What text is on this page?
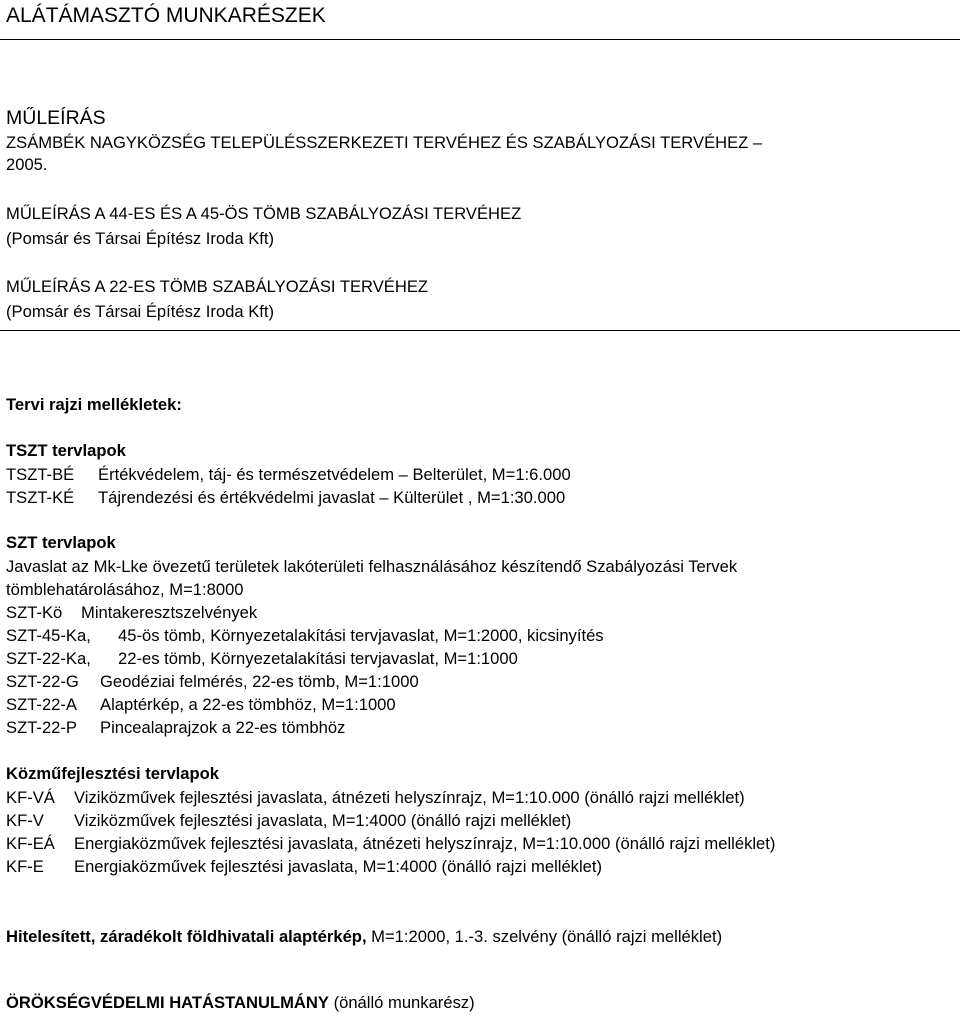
ALÁTÁMASZTÓ MUNKARÉSZEK
MŰLEÍRÁS
ZSÁMBÉK NAGYKÖZSÉG TELEPÜLÉSSZERKEZETI TERVÉHEZ ÉS SZABÁLYOZÁSI TERVÉHEZ –
2005.
MŰLEÍRÁS A 44-ES ÉS A 45-ÖS TÖMB SZABÁLYOZÁSI TERVÉHEZ
(Pomsár és Társai Építész Iroda Kft)
MŰLEÍRÁS A 22-ES TÖMB SZABÁLYOZÁSI TERVÉHEZ
(Pomsár és Társai Építész Iroda Kft)
Tervi rajzi mellékletek:
TSZT tervlapok
TSZT-BÉ Értékvédelem, táj- és természetvédelem – Belterület, M=1:6.000
TSZT-KÉ Tájrendezési és értékvédelmi javaslat – Külterület , M=1:30.000
SZT tervlapok
Javaslat az Mk-Lke övezetű területek lakóterületi felhasználásához készítendő Szabályozási Tervek
tömblehatárolásához, M=1:8000
SZT-Kö Mintakeresztszelvények
SZT-45-Ka, 45-ös tömb, Környezetalakítási tervjavaslat, M=1:2000, kicsinyítés
SZT-22-Ka, 22-es tömb, Környezetalakítási tervjavaslat, M=1:1000
SZT-22-G Geodéziai felmérés, 22-es tömb, M=1:1000
SZT-22-A Alaptérkép, a 22-es tömbhöz, M=1:1000
SZT-22-P Pincealaprajzok a 22-es tömbhöz
Közműfejlesztési tervlapok
KF-VÁ Viziközművek fejlesztési javaslata, átnézeti helyszínrajz, M=1:10.000 (önálló rajzi melléklet)
KF-V Viziközművek fejlesztési javaslata, M=1:4000 (önálló rajzi melléklet)
KF-EÁ Energiaközművek fejlesztési javaslata, átnézeti helyszínrajz, M=1:10.000 (önálló rajzi melléklet)
KF-E Energiaközművek fejlesztési javaslata, M=1:4000 (önálló rajzi melléklet)
Hitelesített, záradékolt földhivatali alaptérkép, M=1:2000, 1.-3. szelvény (önálló rajzi melléklet)
ÖRÖKSÉGVÉDELMI HATÁSTANULMÁNY (önálló munkarész)
